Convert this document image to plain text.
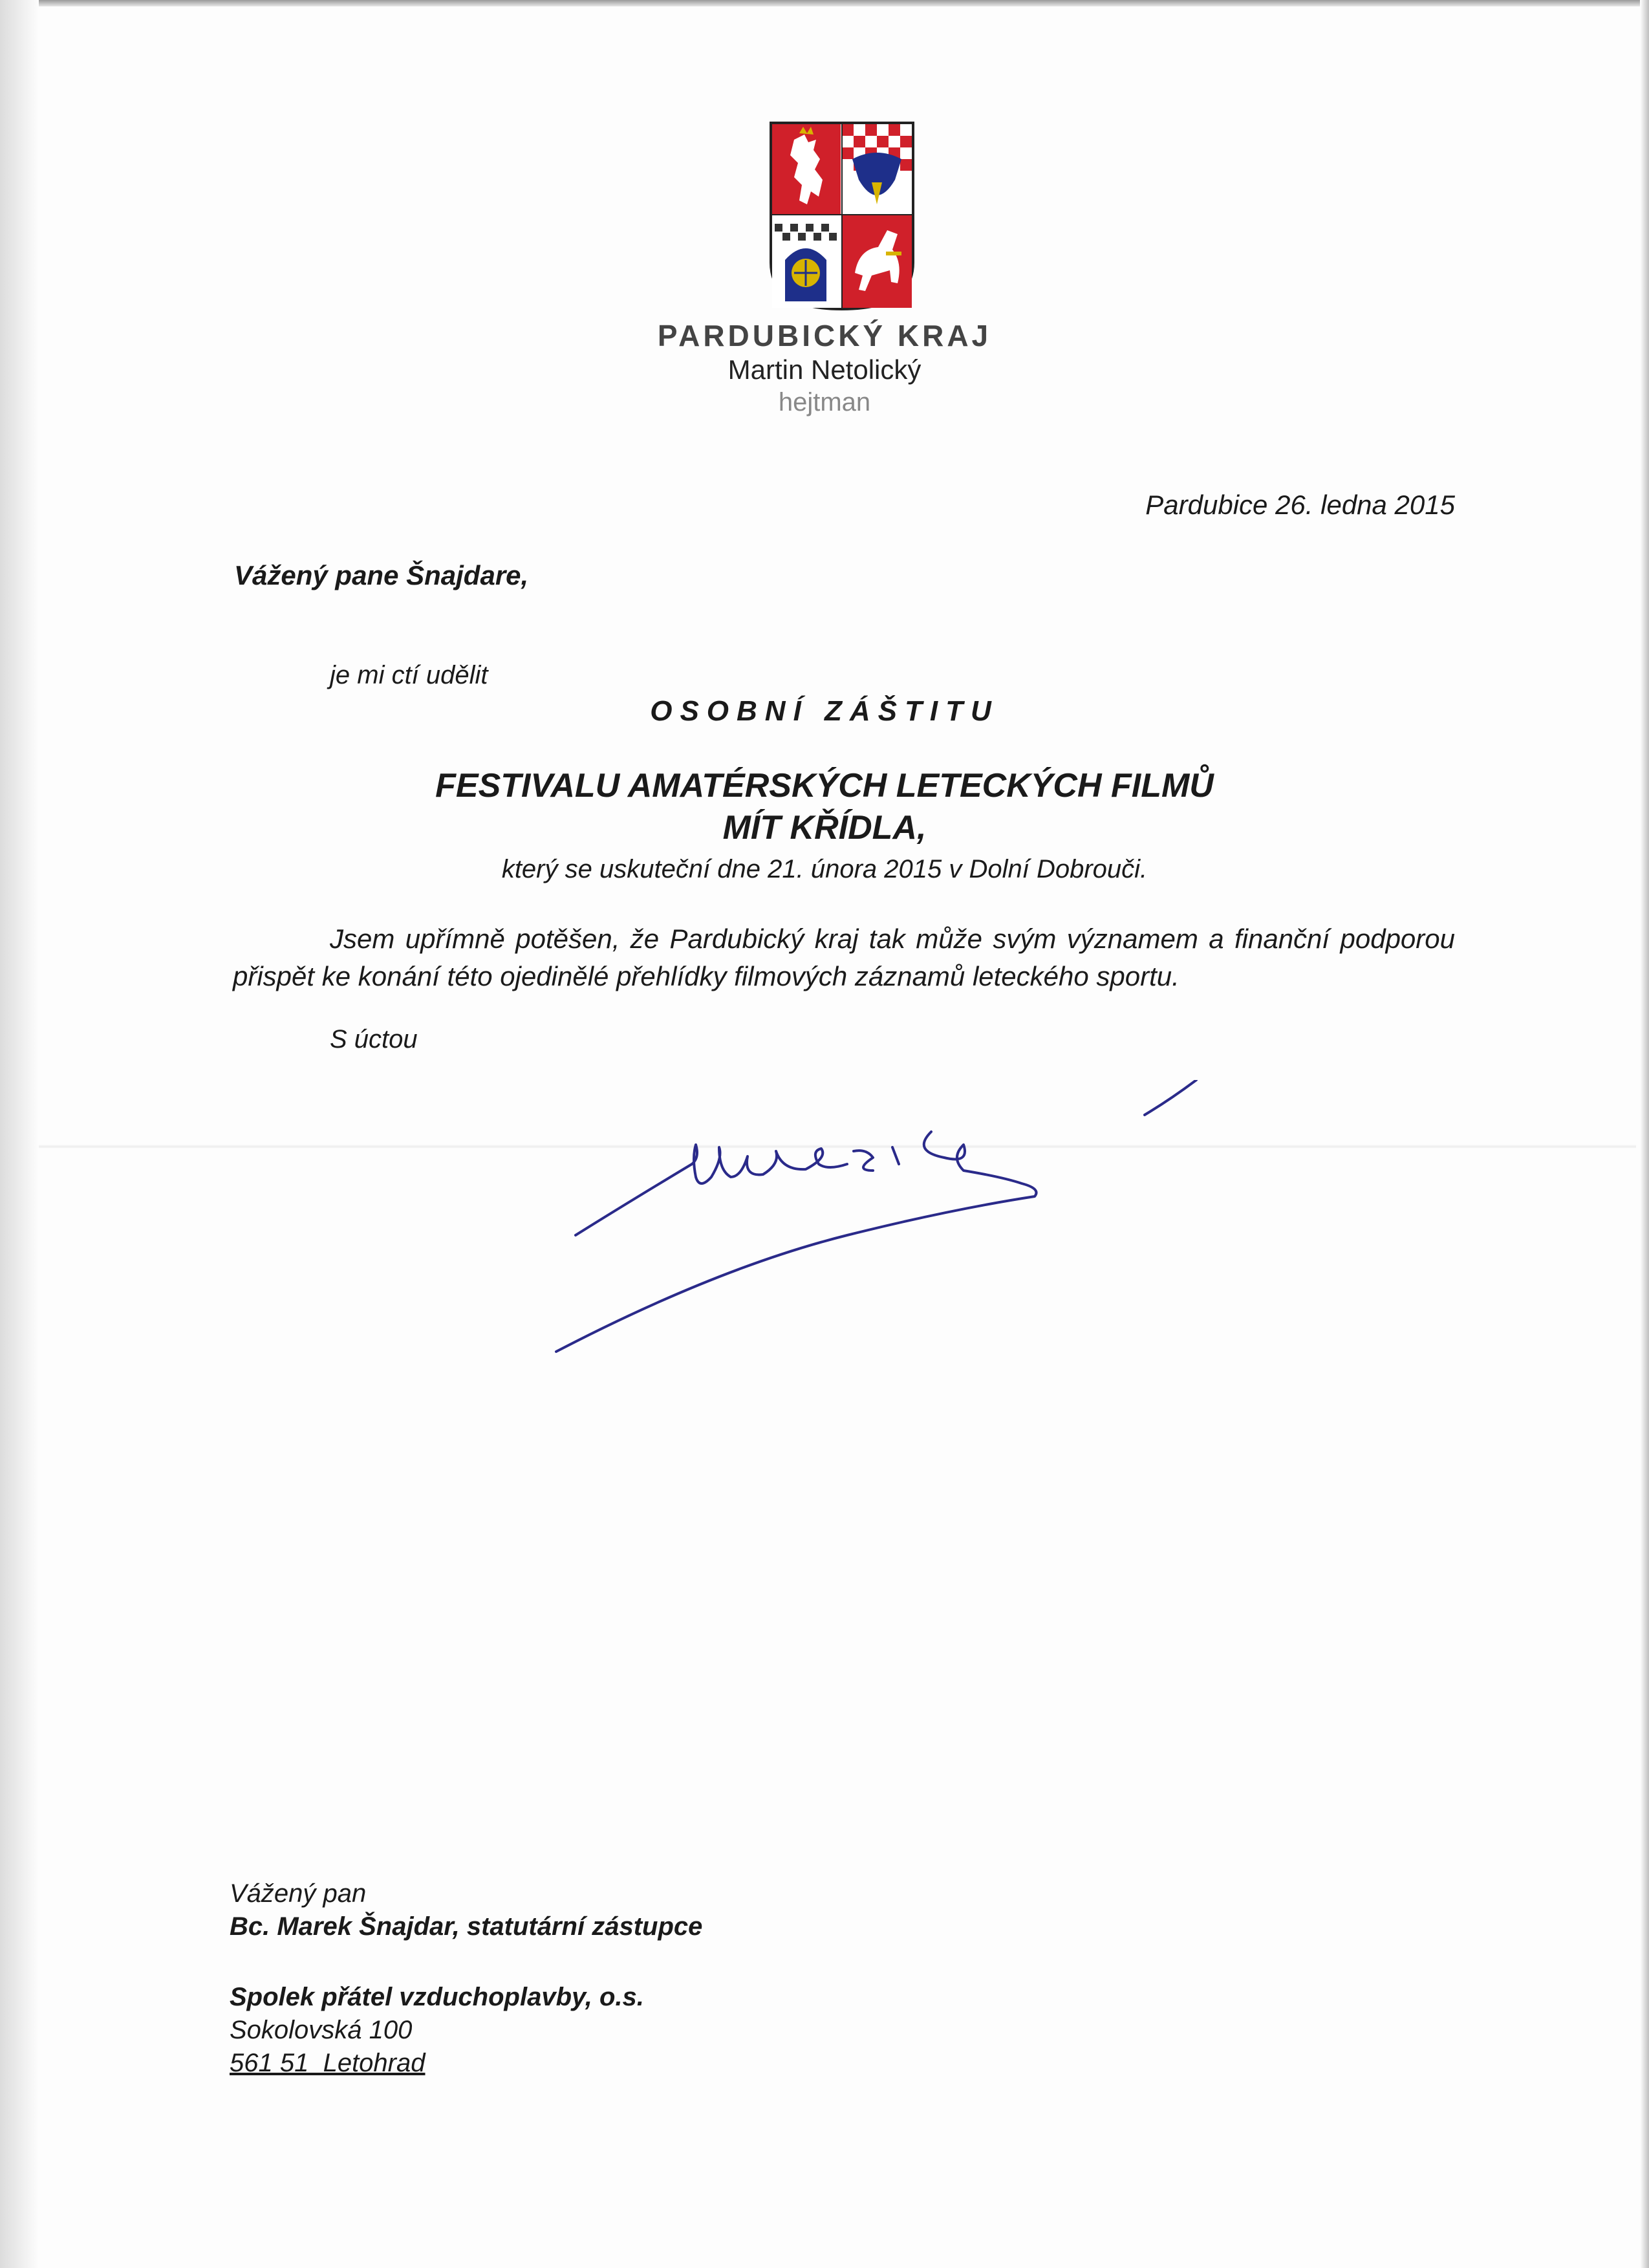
PARDUBICKÝ KRAJ
Martin Netolický
hejtman
Pardubice 26. ledna 2015
Vážený pane Šnajdare,
je mi ctí udělit
OSOBNÍ ZÁŠTITU
FESTIVALU AMATÉRSKÝCH LETECKÝCH FILMŮ
MÍT KŘÍDLA,
který se uskuteční dne 21. února 2015 v Dolní Dobrouči.

Jsem upřímně potěšen, že Pardubický kraj tak může svým významem a finanční podporou přispět ke konání této ojedinělé přehlídky filmových záznamů leteckého sportu.

S úctou
Vážený pan
Bc. Marek Šnajdar, statutární zástupce
Spolek přátel vzduchoplavby, o.s.
Sokolovská 100
561 51  Letohrad
